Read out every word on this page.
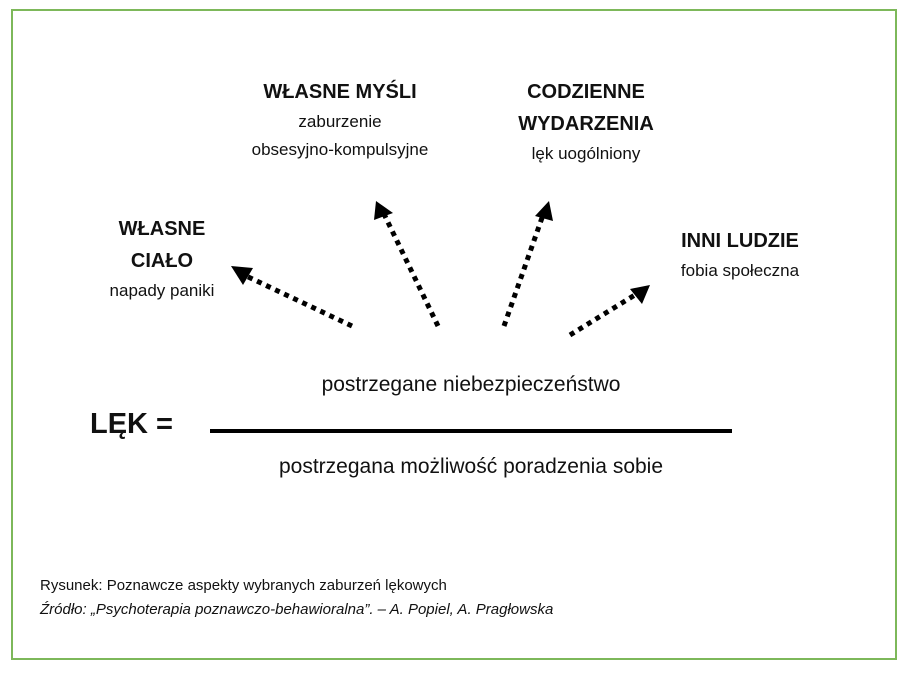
WŁASNE
CIAŁO
napady paniki
WŁASNE MYŚLI
zaburzenie
obsesyjno-kompulsyjne
CODZIENNE
WYDARZENIA
lęk uogólniony
INNI LUDZIE
fobia społeczna
LĘK =
postrzegane niebezpieczeństwo
postrzegana możliwość poradzenia sobie
Rysunek: Poznawcze aspekty wybranych zaburzeń lękowych
Źródło: „Psychoterapia poznawczo-behawioralna”. – A. Popiel, A. Pragłowska
